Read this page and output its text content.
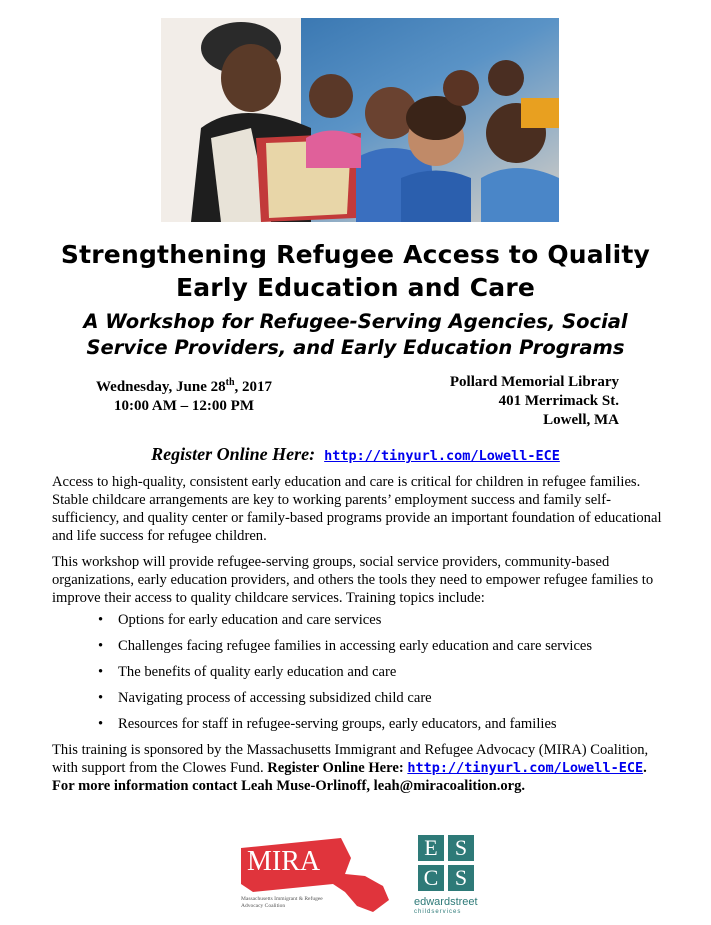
Strengthening Refugee Access to Quality
Early Education and Care
A Workshop for Refugee-Serving Agencies, Social
Service Providers, and Early Education Programs
Wednesday, June 28th, 2017
10:00 AM – 12:00 PM
Pollard Memorial Library
401 Merrimack St.
Lowell, MA
Register Online Here: http://tinyurl.com/Lowell-ECE

Access to high-quality, consistent early education and care is critical for children in refugee families. Stable childcare arrangements are key to working parents’ employment success and family self-sufficiency, and quality center or family-based programs provide an important foundation of educational and life success for refugee children.

This workshop will provide refugee-serving groups, social service providers, community-based organizations, early education providers, and others the tools they need to empower refugee families to improve their access to quality childcare services. Training topics include:

• Options for early education and care services
• Challenges facing refugee families in accessing early education and care services
• The benefits of quality early education and care
• Navigating process of accessing subsidized child care
• Resources for staff in refugee-serving groups, early educators, and families

This training is sponsored by the Massachusetts Immigrant and Refugee Advocacy (MIRA) Coalition, with support from the Clowes Fund. Register Online Here: http://tinyurl.com/Lowell-ECE. For more information contact Leah Muse-Orlinoff, leah@miracoalition.org.

MIRA
Massachusetts Immigrant & Refugee
Advocacy Coalition
E S
C S
edwardstreet
childservices
